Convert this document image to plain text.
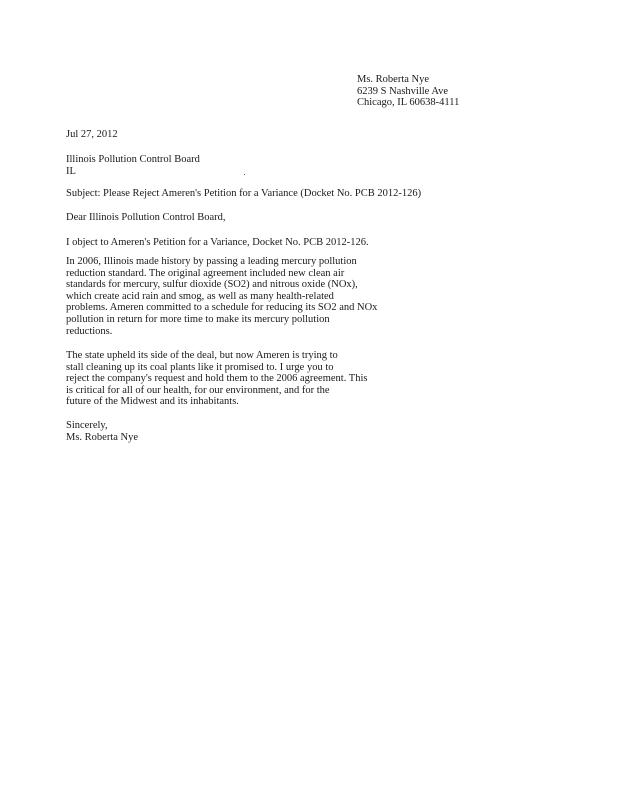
Ms. Roberta Nye
6239 S Nashville Ave
Chicago, IL 60638-4111
Jul 27, 2012
Illinois Pollution Control Board
IL
Subject: Please Reject Ameren's Petition for a Variance (Docket No. PCB 2012-126)
Dear Illinois Pollution Control Board,
I object to Ameren's Petition for a Variance, Docket No. PCB 2012-126.
In 2006, Illinois made history by passing a leading mercury pollution
reduction standard. The original agreement included new clean air
standards for mercury, sulfur dioxide (SO2) and nitrous oxide (NOx),
which create acid rain and smog, as well as many health-related
problems. Ameren committed to a schedule for reducing its SO2 and NOx
pollution in return for more time to make its mercury pollution
reductions.
The state upheld its side of the deal, but now Ameren is trying to
stall cleaning up its coal plants like it promised to. I urge you to
reject the company's request and hold them to the 2006 agreement. This
is critical for all of our health, for our environment, and for the
future of the Midwest and its inhabitants.
Sincerely,
Ms. Roberta Nye
